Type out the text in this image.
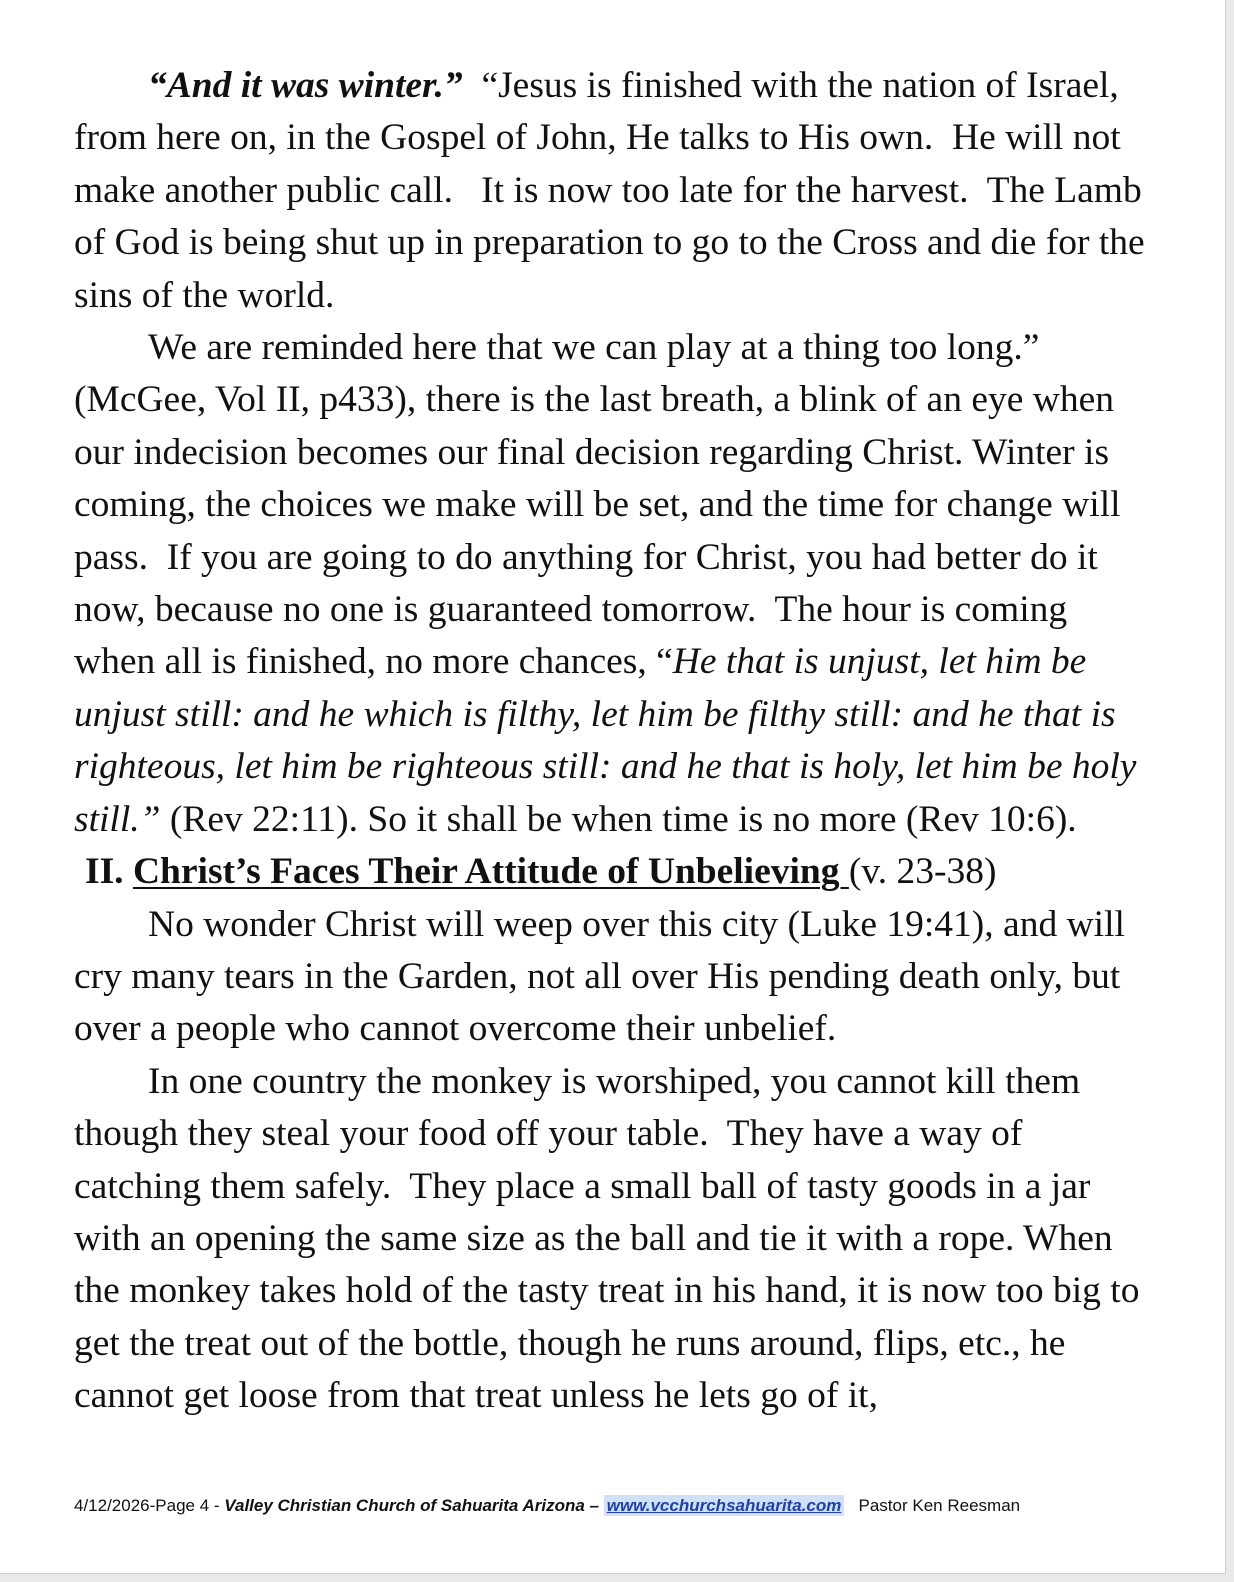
“And it was winter.”  “Jesus is finished with the nation of Israel, from here on, in the Gospel of John, He talks to His own.  He will not make another public call.   It is now too late for the harvest.  The Lamb of God is being shut up in preparation to go to the Cross and die for the sins of the world.

We are reminded here that we can play at a thing too long.” (McGee, Vol II, p433), there is the last breath, a blink of an eye when our indecision becomes our final decision regarding Christ. Winter is coming, the choices we make will be set, and the time for change will pass.  If you are going to do anything for Christ, you had better do it now, because no one is guaranteed tomorrow.  The hour is coming when all is finished, no more chances, “He that is unjust, let him be unjust still: and he which is filthy, let him be filthy still: and he that is righteous, let him be righteous still: and he that is holy, let him be holy still.” (Rev 22:11). So it shall be when time is no more (Rev 10:6).

II. Christ’s Faces Their Attitude of Unbelieving (v. 23-38)

No wonder Christ will weep over this city (Luke 19:41), and will cry many tears in the Garden, not all over His pending death only, but over a people who cannot overcome their unbelief.

In one country the monkey is worshiped, you cannot kill them though they steal your food off your table.  They have a way of catching them safely.  They place a small ball of tasty goods in a jar with an opening the same size as the ball and tie it with a rope. When the monkey takes hold of the tasty treat in his hand, it is now too big to get the treat out of the bottle, though he runs around, flips, etc., he cannot get loose from that treat unless he lets go of it,

4/12/2026-Page 4 - Valley Christian Church of Sahuarita Arizona – www.vcchurchsahuarita.com Pastor Ken Reesman
